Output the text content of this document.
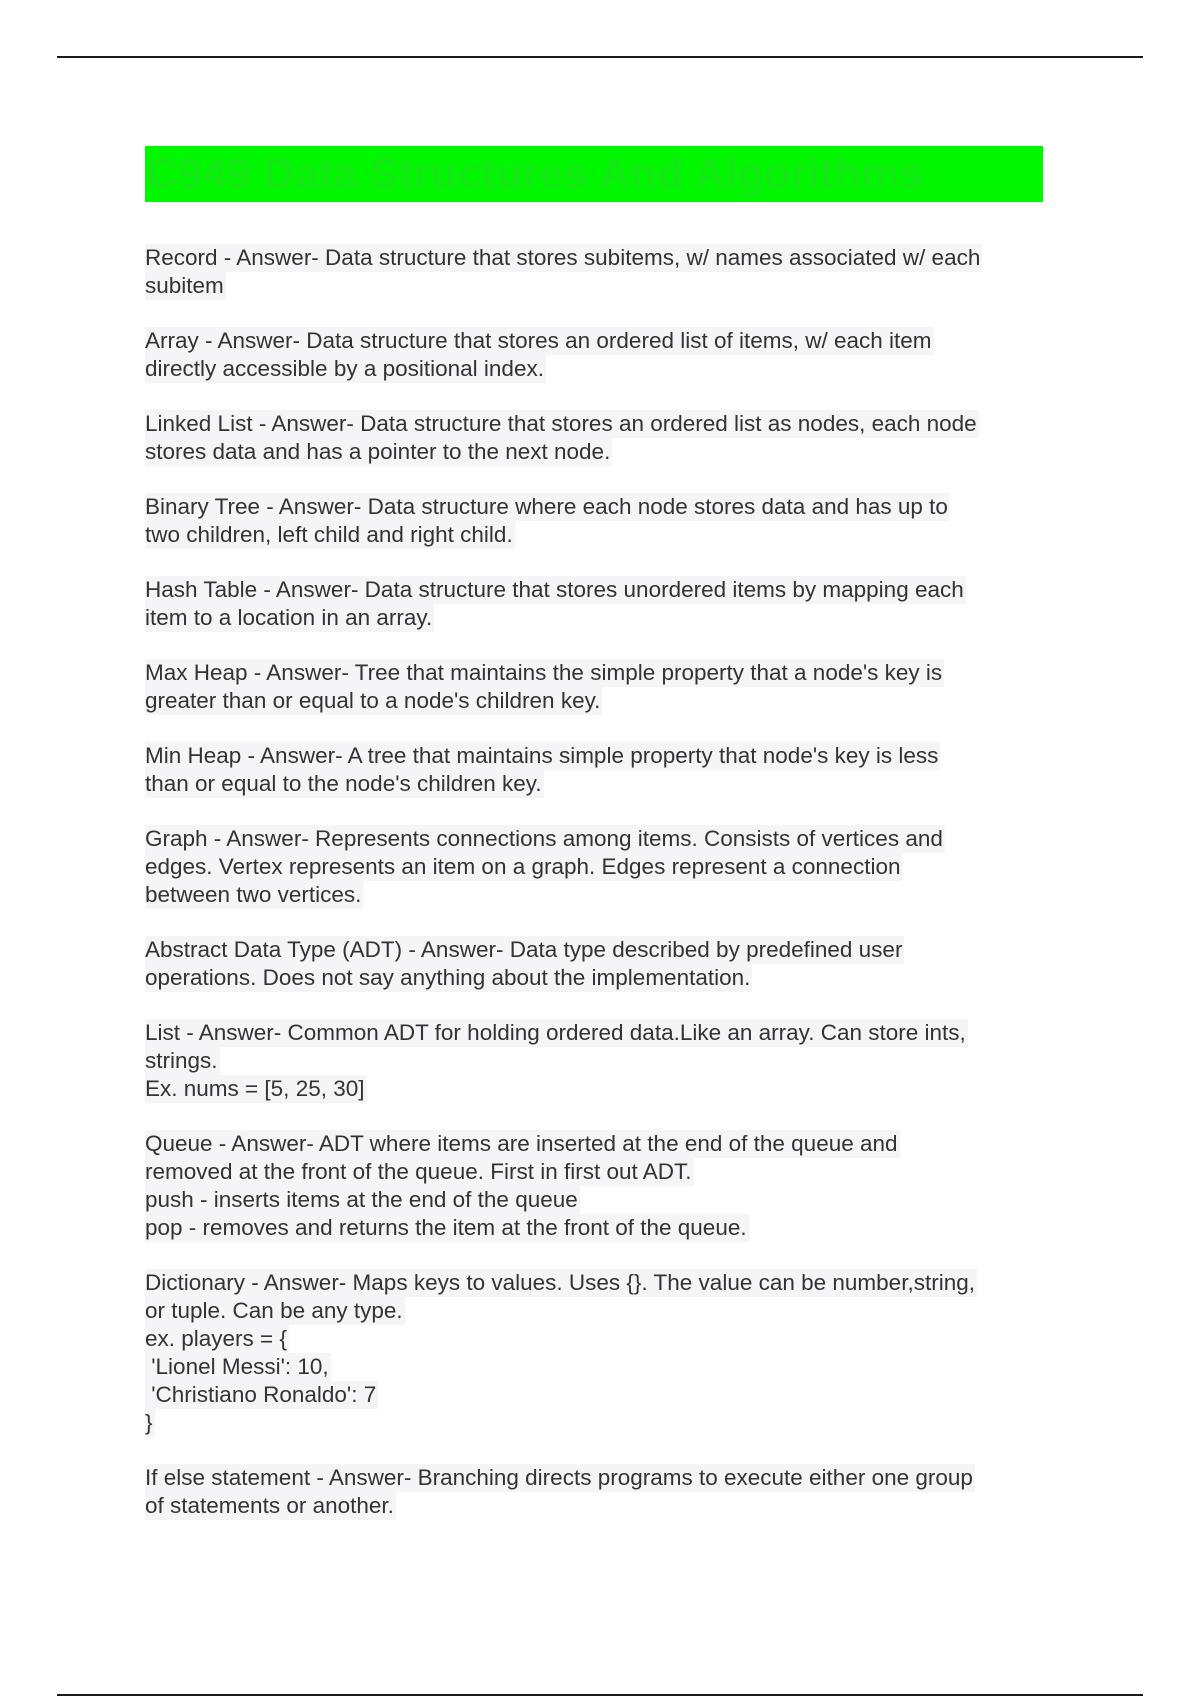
C949 Data Structures And Algorithms
Record - Answer- Data structure that stores subitems, w/ names associated w/ each
subitem
Array - Answer- Data structure that stores an ordered list of items, w/ each item
directly accessible by a positional index.
Linked List - Answer- Data structure that stores an ordered list as nodes, each node
stores data and has a pointer to the next node.
Binary Tree - Answer- Data structure where each node stores data and has up to
two children, left child and right child.
Hash Table - Answer- Data structure that stores unordered items by mapping each
item to a location in an array.
Max Heap - Answer- Tree that maintains the simple property that a node's key is
greater than or equal to a node's children key.
Min Heap - Answer- A tree that maintains simple property that node's key is less
than or equal to the node's children key.
Graph - Answer- Represents connections among items. Consists of vertices and
edges. Vertex represents an item on a graph. Edges represent a connection
between two vertices.
Abstract Data Type (ADT) - Answer- Data type described by predefined user
operations. Does not say anything about the implementation.
List - Answer- Common ADT for holding ordered data.Like an array. Can store ints,
strings.
Ex. nums = [5, 25, 30]
Queue - Answer- ADT where items are inserted at the end of the queue and
removed at the front of the queue. First in first out ADT.
push - inserts items at the end of the queue
pop - removes and returns the item at the front of the queue.
Dictionary - Answer- Maps keys to values. Uses {}. The value can be number,string,
or tuple. Can be any type.
ex. players = {
'Lionel Messi': 10,
'Christiano Ronaldo': 7
}
If else statement - Answer- Branching directs programs to execute either one group
of statements or another.
